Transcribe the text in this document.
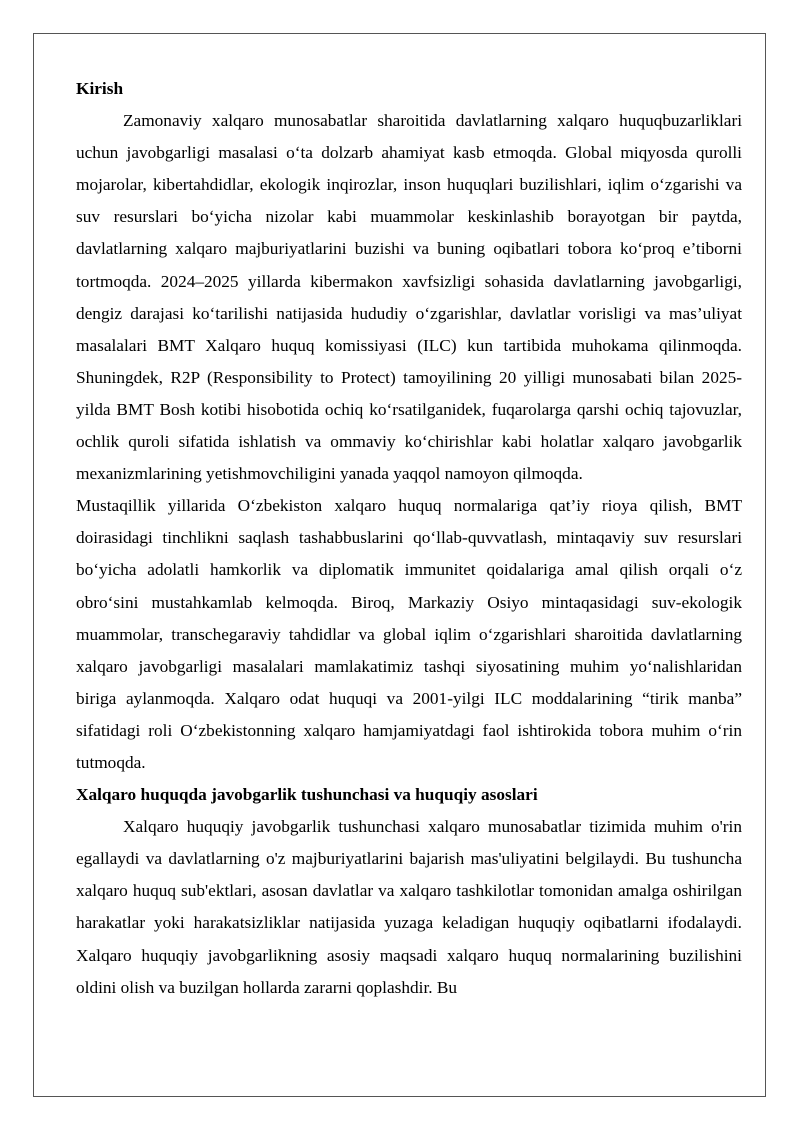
Kirish

Zamonaviy xalqaro munosabatlar sharoitida davlatlarning xalqaro huquqbuzarliklari uchun javobgarligi masalasi o‘ta dolzarb ahamiyat kasb etmoqda. Global miqyosda qurolli mojarolar, kibertahdidlar, ekologik inqirozlar, inson huquqlari buzilishlari, iqlim o‘zgarishi va suv resurslari bo‘yicha nizolar kabi muammolar keskinlashib borayotgan bir paytda, davlatlarning xalqaro majburiyatlarini buzishi va buning oqibatlari tobora ko‘proq e’tiborni tortmoqda. 2024–2025 yillarda kibermakon xavfsizligi sohasida davlatlarning javobgarligi, dengiz darajasi ko‘tarilishi natijasida hududiy o‘zgarishlar, davlatlar vorisligi va mas’uliyat masalalari BMT Xalqaro huquq komissiyasi (ILC) kun tartibida muhokama qilinmoqda. Shuningdek, R2P (Responsibility to Protect) tamoyilining 20 yilligi munosabati bilan 2025-yilda BMT Bosh kotibi hisobotida ochiq ko‘rsatilganidek, fuqarolarga qarshi ochiq tajovuzlar, ochlik quroli sifatida ishlatish va ommaviy ko‘chirishlar kabi holatlar xalqaro javobgarlik mexanizmlarining yetishmovchiligini yanada yaqqol namoyon qilmoqda.

Mustaqillik yillarida O‘zbekiston xalqaro huquq normalariga qat’iy rioya qilish, BMT doirasidagi tinchlikni saqlash tashabbuslarini qo‘llab-quvvatlash, mintaqaviy suv resurslari bo‘yicha adolatli hamkorlik va diplomatik immunitet qoidalariga amal qilish orqali o‘z obro‘sini mustahkamlab kelmoqda. Biroq, Markaziy Osiyo mintaqasidagi suv-ekologik muammolar, transchegaraviy tahdidlar va global iqlim o‘zgarishlari sharoitida davlatlarning xalqaro javobgarligi masalalari mamlakatimiz tashqi siyosatining muhim yo‘nalishlaridan biriga aylanmoqda. Xalqaro odat huquqi va 2001-yilgi ILC moddalarining “tirik manba” sifatidagi roli O‘zbekistonning xalqaro hamjamiyatdagi faol ishtirokida tobora muhim o‘rin tutmoqda.

Xalqaro huquqda javobgarlik tushunchasi va huquqiy asoslari

Xalqaro huquqiy javobgarlik tushunchasi xalqaro munosabatlar tizimida muhim o'rin egallaydi va davlatlarning o'z majburiyatlarini bajarish mas'uliyatini belgilaydi. Bu tushuncha xalqaro huquq sub'ektlari, asosan davlatlar va xalqaro tashkilotlar tomonidan amalga oshirilgan harakatlar yoki harakatsizliklar natijasida yuzaga keladigan huquqiy oqibatlarni ifodalaydi. Xalqaro huquqiy javobgarlikning asosiy maqsadi xalqaro huquq normalarining buzilishini oldini olish va buzilgan hollarda zararni qoplashdir. Bu
